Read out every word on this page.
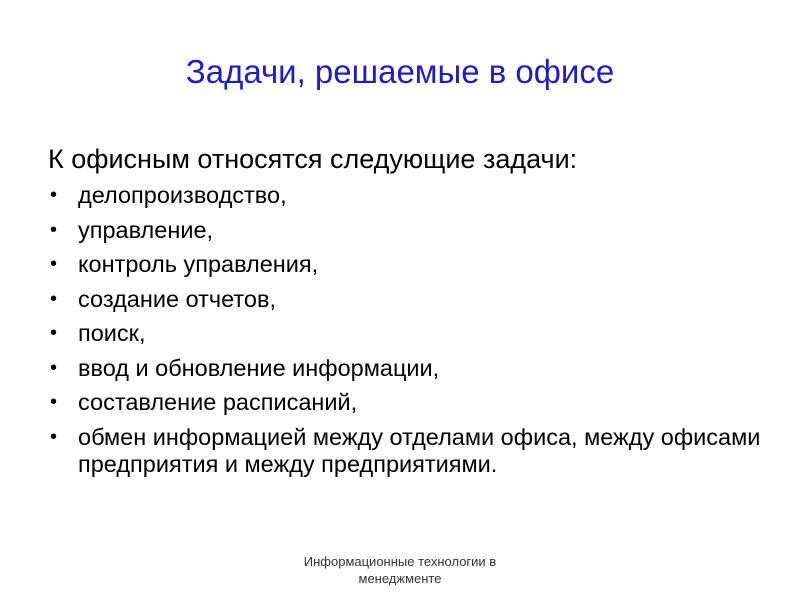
Задачи, решаемые в офисе

К офисным относятся следующие задачи:

• делопроизводство,
• управление,
• контроль управления,
• создание отчетов,
• поиск,
• ввод и обновление информации,
• составление расписаний,
• обмен информацией между отделами офиса, между офисами предприятия и между предприятиями.
Информационные технологии в
менеджменте
